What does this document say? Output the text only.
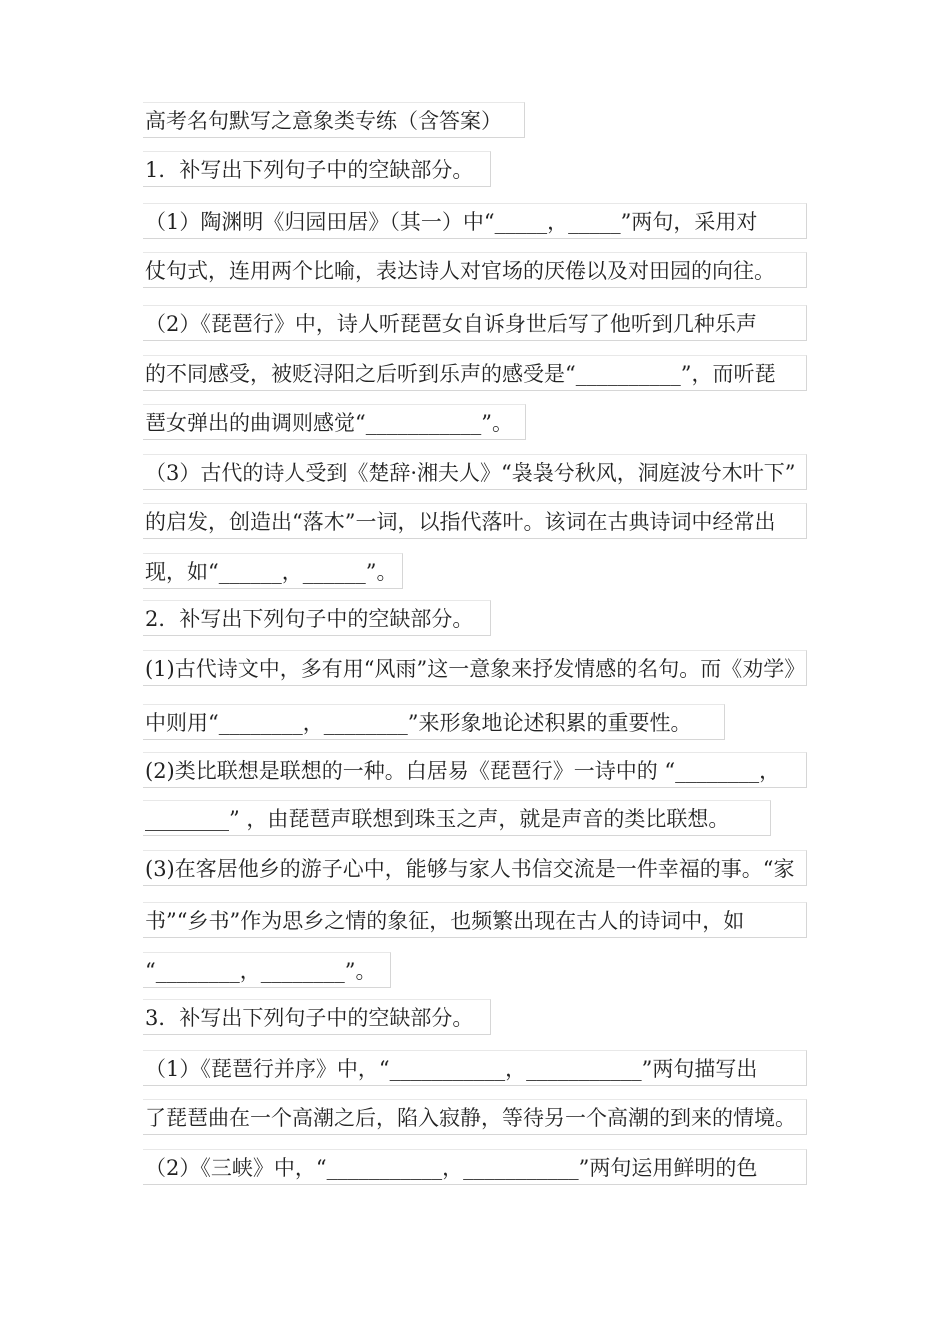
高考名句默写之意象类专练（含答案）
1．补写出下列句子中的空缺部分。
（1）陶渊明《归园田居》（其一）中“_____，_____”两句，采用对
仗句式，连用两个比喻，表达诗人对官场的厌倦以及对田园的向往。
（2）《琵琶行》中，诗人听琵琶女自诉身世后写了他听到几种乐声
的不同感受，被贬浔阳之后听到乐声的感受是“__________”，而听琵
琶女弹出的曲调则感觉“___________”。
（3）古代的诗人受到《楚辞·湘夫人》“袅袅兮秋风，洞庭波兮木叶下”
的启发，创造出“落木”一词，以指代落叶。该词在古典诗词中经常出
现，如“______，______”。
2．补写出下列句子中的空缺部分。
(1)古代诗文中，多有用“风雨”这一意象来抒发情感的名句。而《劝学》
中则用“________，________”来形象地论述积累的重要性。
(2)类比联想是联想的一种。白居易《琵琶行》一诗中的 “________，
________” ，由琵琶声联想到珠玉之声，就是声音的类比联想。
(3)在客居他乡的游子心中，能够与家人书信交流是一件幸福的事。“家
书”“乡书”作为思乡之情的象征，也频繁出现在古人的诗词中，如
“________，________”。
3．补写出下列句子中的空缺部分。
（1）《琵琶行并序》中，“___________，___________”两句描写出
了琵琶曲在一个高潮之后，陷入寂静，等待另一个高潮的到来的情境。
（2）《三峡》中，“___________，___________”两句运用鲜明的色
